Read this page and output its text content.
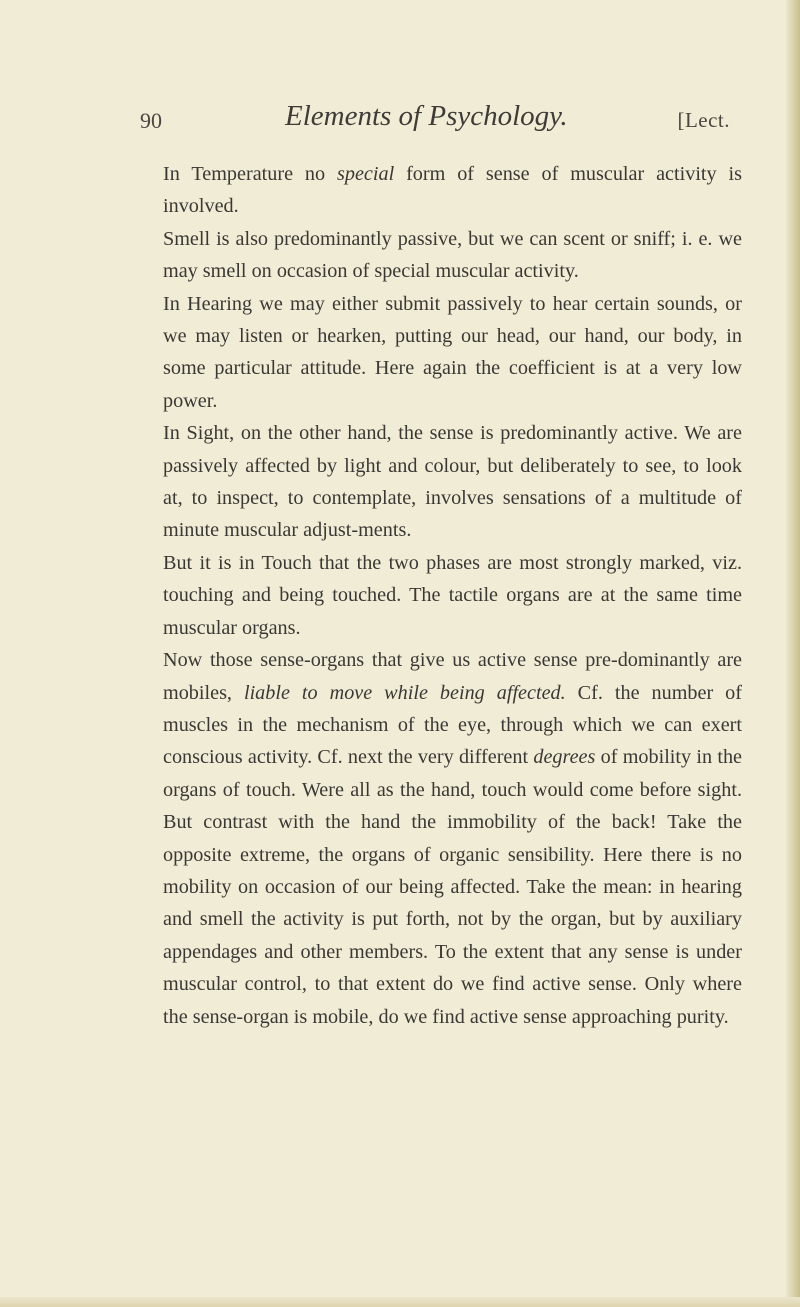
90	Elements of Psychology.	[Lect.

In Temperature no special form of sense of muscular activity is involved.

Smell is also predominantly passive, but we can scent or sniff; i. e. we may smell on occasion of special muscular activity.

In Hearing we may either submit passively to hear certain sounds, or we may listen or hearken, putting our head, our hand, our body, in some particular attitude. Here again the coefficient is at a very low power.

In Sight, on the other hand, the sense is predominantly active. We are passively affected by light and colour, but deliberately to see, to look at, to inspect, to contemplate, involves sensations of a multitude of minute muscular adjust-ments.

But it is in Touch that the two phases are most strongly marked, viz. touching and being touched. The tactile organs are at the same time muscular organs.

Now those sense-organs that give us active sense pre-dominantly are mobiles, liable to move while being affected. Cf. the number of muscles in the mechanism of the eye, through which we can exert conscious activity. Cf. next the very different degrees of mobility in the organs of touch. Were all as the hand, touch would come before sight. But contrast with the hand the immobility of the back! Take the opposite extreme, the organs of organic sensibility. Here there is no mobility on occasion of our being affected. Take the mean: in hearing and smell the activity is put forth, not by the organ, but by auxiliary appendages and other members. To the extent that any sense is under muscular control, to that extent do we find active sense. Only where the sense-organ is mobile, do we find active sense approaching purity.
